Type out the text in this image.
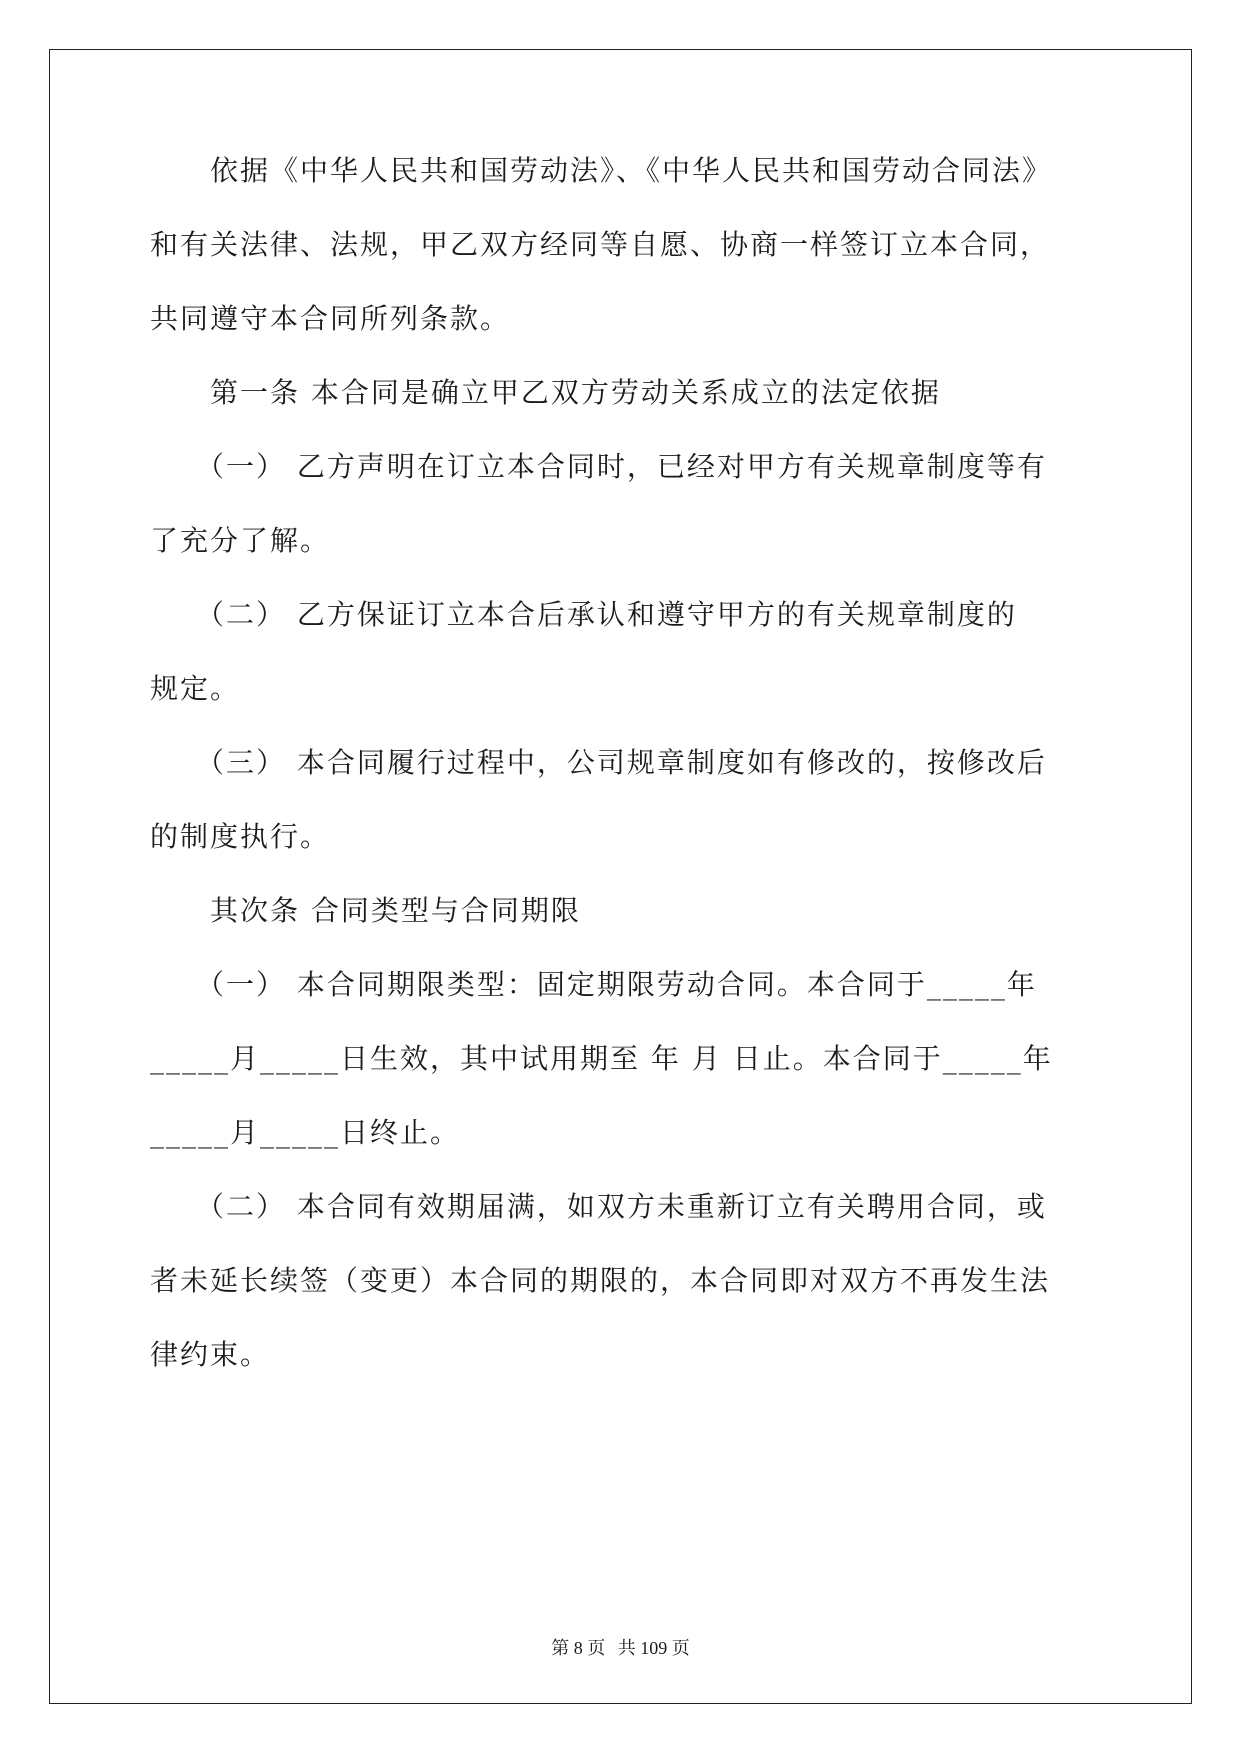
　　依据《中华人民共和国劳动法》、《中华人民共和国劳动合同法》
和有关法律、法规，甲乙双方经同等自愿、协商一样签订立本合同，
共同遵守本合同所列条款。
　　第一条 本合同是确立甲乙双方劳动关系成立的法定依据
　　（一） 乙方声明在订立本合同时，已经对甲方有关规章制度等有
了充分了解。
　　（二） 乙方保证订立本合后承认和遵守甲方的有关规章制度的
规定。
　　（三） 本合同履行过程中，公司规章制度如有修改的，按修改后
的制度执行。
　　其次条 合同类型与合同期限
　　（一） 本合同期限类型：固定期限劳动合同。本合同于_____年
_____月_____日生效，其中试用期至 年 月 日止。本合同于_____年
_____月_____日终止。
　　（二） 本合同有效期届满，如双方未重新订立有关聘用合同，或
者未延长续签（变更）本合同的期限的，本合同即对双方不再发生法
律约束。
第 8 页 共 109 页
